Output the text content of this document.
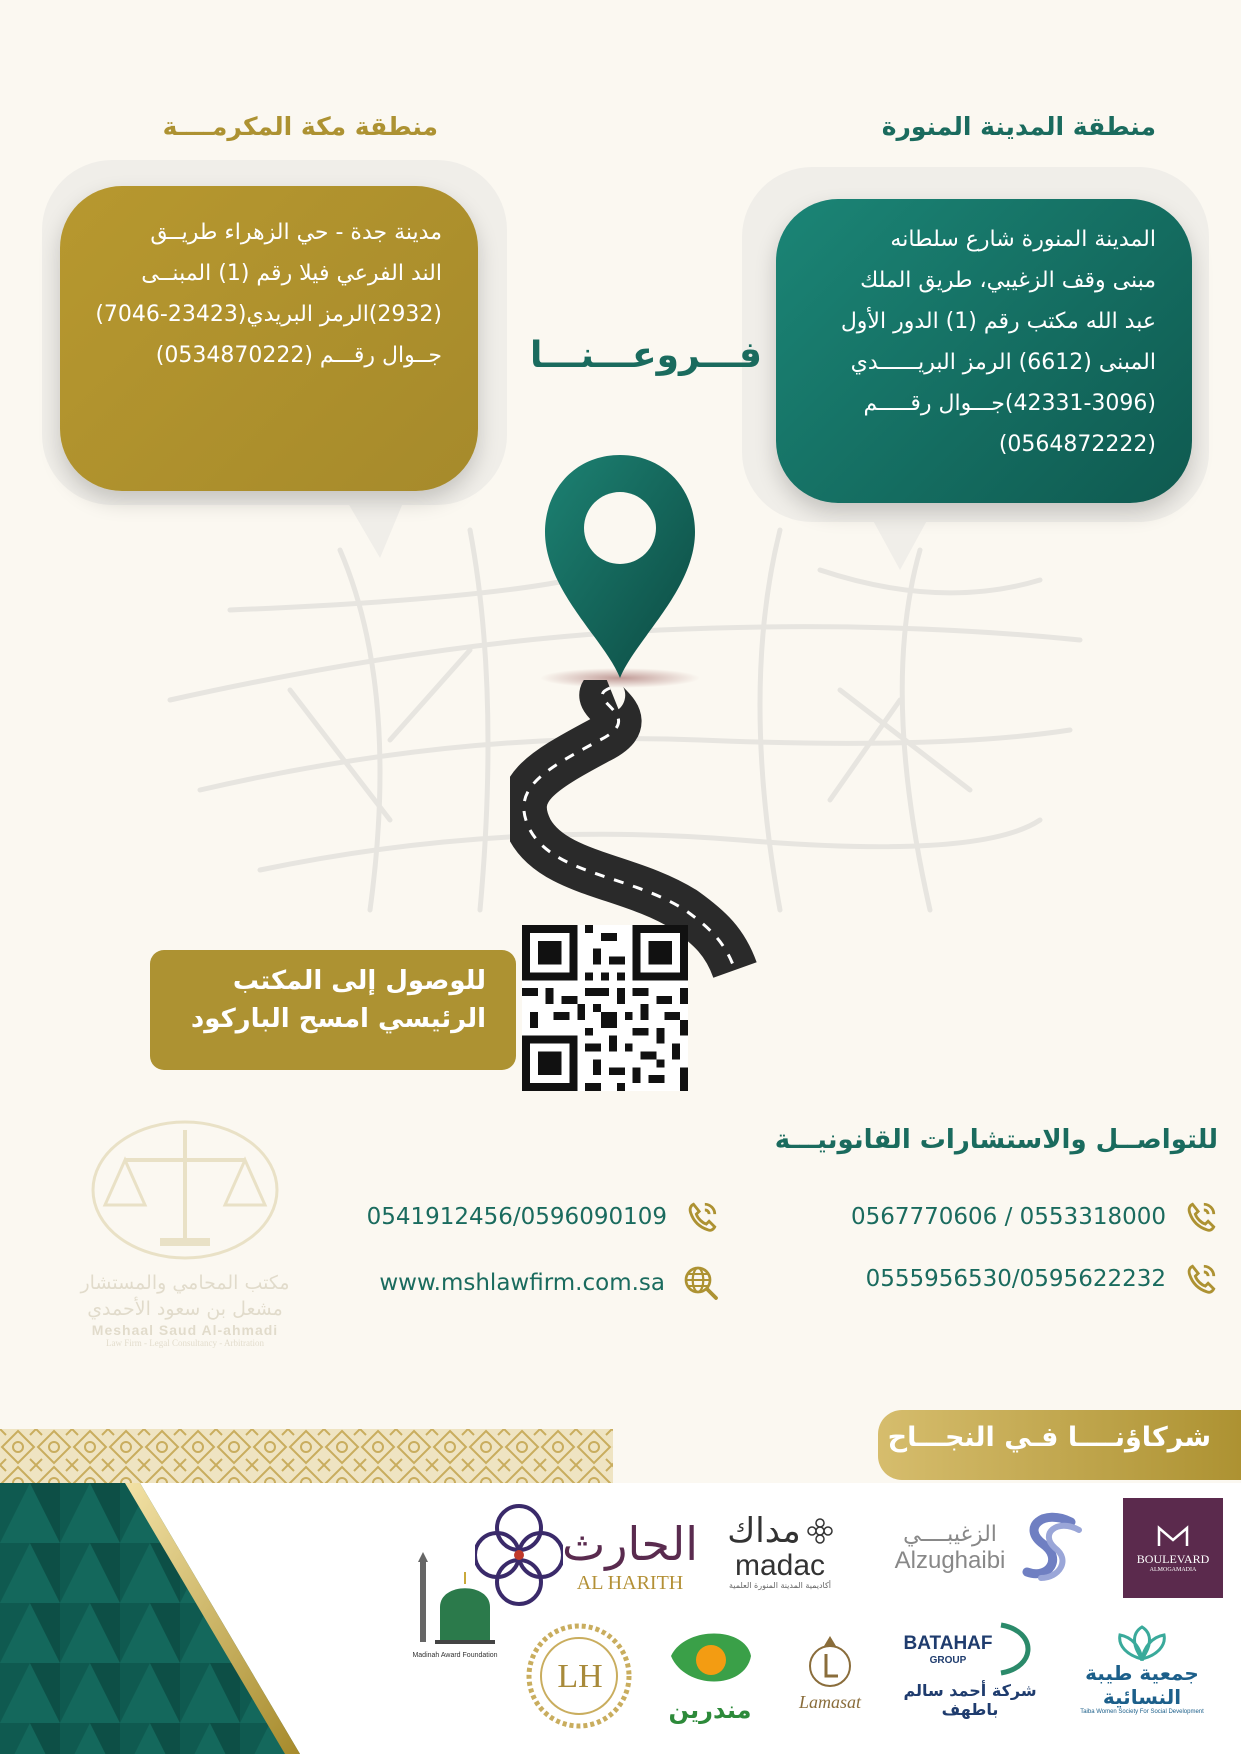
منطقة المدينة المنورة
منطقة مكة المكرمــــة
المدينة المنورة شارع سلطانه
مبنى وقف الزغيبي، طريق الملك
عبد الله مكتب رقم (1) الدور الأول
المبنى (6612) الرمز البريــــــدي
(42331-3096)جـــوال رقـــــم
(0564872222)
مدينة جدة - حي الزهراء طريــق
الند الفرعي فيلا رقم (1) المبنــى
(2932)الرمز البريدي(23423-7046)
جــوال رقـــم (0534870222) فـــروعـــنـــا
للوصول إلى المكتب
الرئيسي امسح الباركود
للتواصــل والاستشارات القانونيـــة
0567770606 / 0553318000
0555956530/0595622232
0541912456/0596090109
www.mshlawfirm.com.sa
مكتب المحامي والمستشار مشعل بن سعود الأحمدي
Meshaal Saud Al-ahmadi
Law Firm - Legal Consultancy - Arbitration
شركاؤنــــا فـي النجـــاح
BOULEVARD
ALMOGAMADIA
الزغيبــــي
Alzughaibi
مداك
madac
أكاديمية المدينة المنورة العلمية
الحارث
AL HARITH
Madinah Award Foundation
جمعية طيبة النسائية
Taiba Women Society For Social Development
BATAHAF
GROUP
شركة أحمد سالم باطهف
Lamasat
مندرين
LH
